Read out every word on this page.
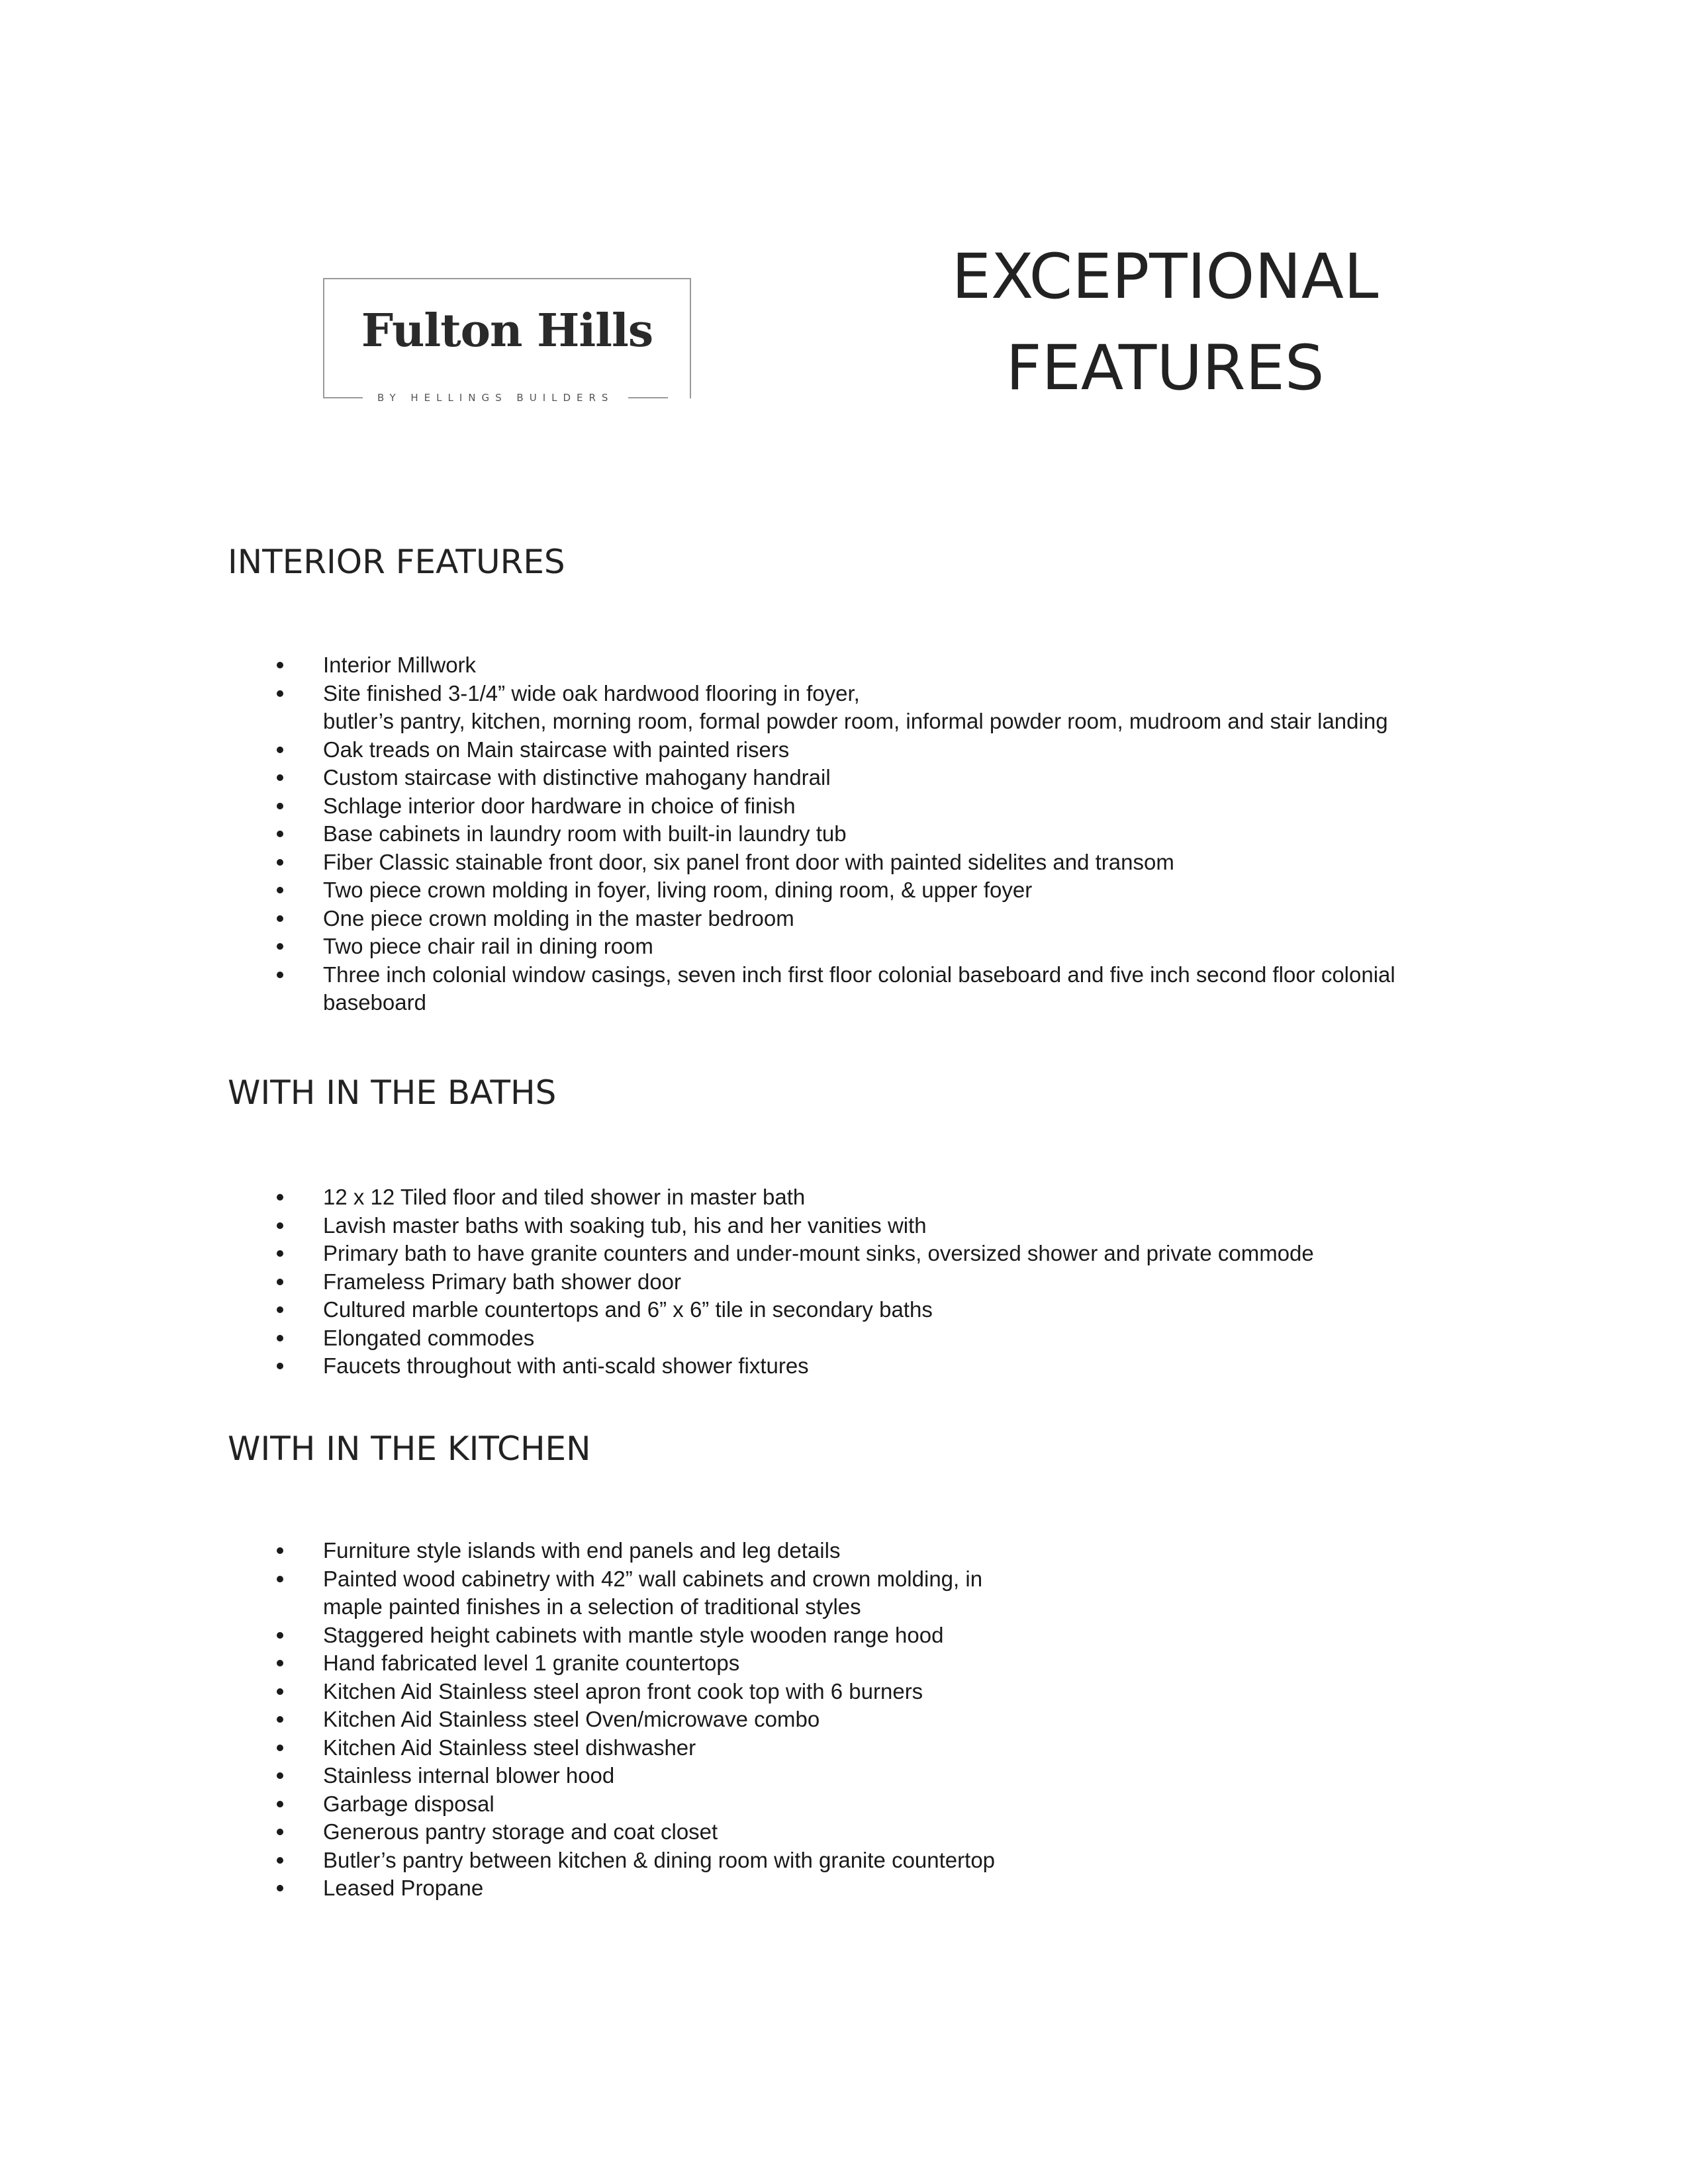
Fulton Hills
BY HELLINGS BUILDERS
EXCEPTIONAL
FEATURES
INTERIOR FEATURES
Interior Millwork
Site finished 3-1/4” wide oak hardwood flooring in foyer,
butler’s pantry, kitchen, morning room, formal powder room, informal powder room, mudroom and stair landing
Oak treads on Main staircase with painted risers
Custom staircase with distinctive mahogany handrail
Schlage interior door hardware in choice of finish
Base cabinets in laundry room with built-in laundry tub
Fiber Classic stainable front door, six panel front door with painted sidelites and transom
Two piece crown molding in foyer, living room, dining room, & upper foyer
One piece crown molding in the master bedroom
Two piece chair rail in dining room
Three inch colonial window casings, seven inch first floor colonial baseboard and five inch second floor colonial baseboard
WITH IN THE BATHS
12 x 12 Tiled floor and tiled shower in master bath
Lavish master baths with soaking tub, his and her vanities with
Primary bath to have granite counters and under-mount sinks, oversized shower and private commode
Frameless Primary bath shower door
Cultured marble countertops and 6” x 6” tile in secondary baths
Elongated commodes
Faucets throughout with anti-scald shower fixtures
WITH IN THE KITCHEN
Furniture style islands with end panels and leg details
Painted wood cabinetry with 42” wall cabinets and crown molding, in
maple painted finishes in a selection of traditional styles
Staggered height cabinets with mantle style wooden range hood
Hand fabricated level 1 granite countertops
Kitchen Aid Stainless steel apron front cook top with 6 burners
Kitchen Aid Stainless steel Oven/microwave combo
Kitchen Aid Stainless steel dishwasher
Stainless internal blower hood
Garbage disposal
Generous pantry storage and coat closet
Butler’s pantry between kitchen & dining room with granite countertop
Leased Propane
